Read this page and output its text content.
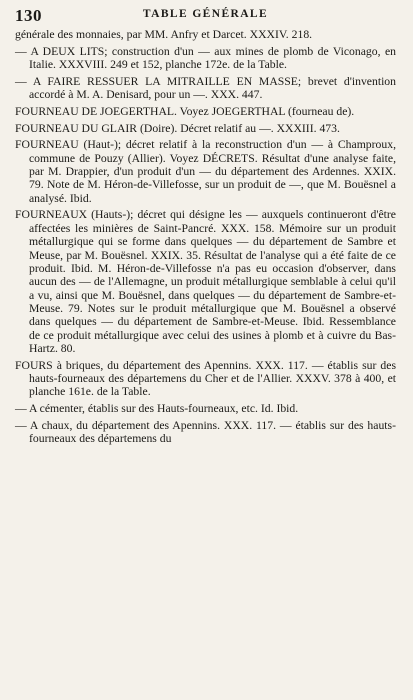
130	TABLE GÉNÉRALE

générale des monnaies, par MM. Anfry et Darcet. XXXIV. 218.

— A DEUX LITS; construction d'un — aux mines de plomb de Viconago, en Italie. XXXVIII. 249 et 152, planche 172e. de la Table.

— A FAIRE RESSUER LA MITRAILLE EN MASSE; brevet d'invention accordé à M. A. Denisard, pour un —. XXX. 447.

FOURNEAU DE JOEGERTHAL. Voyez JOEGERTHAL (fourneau de).

FOURNEAU DU GLAIR (Doire). Décret relatif au —. XXXIII. 473.

FOURNEAU (Haut-); décret relatif à la reconstruction d'un — à Champroux, commune de Pouzy (Allier). Voyez DÉCRETS. Résultat d'une analyse faite, par M. Drappier, d'un produit d'un — du département des Ardennes. XXIX. 79. Note de M. Héron-de-Villefosse, sur un produit de —, que M. Bouësnel a analysé. Ibid.

FOURNEAUX (Hauts-); décret qui désigne les — auxquels continueront d'être affectées les minières de Saint-Pancré. XXX. 158. Mémoire sur un produit métallurgique qui se forme dans quelques — du département de Sambre et Meuse, par M. Bouësnel. XXIX. 35. Résultat de l'analyse qui a été faite de ce produit. Ibid. M. Héron-de-Villefosse n'a pas eu occasion d'observer, dans aucun des — de l'Allemagne, un produit métallurgique semblable à celui qu'il a vu, ainsi que M. Bouësnel, dans quelques — du département de Sambre-et-Meuse. 79. Notes sur le produit métallurgique que M. Bouësnel a observé dans quelques — du département de Sambre-et-Meuse. Ibid. Ressemblance de ce produit métallurgique avec celui des usines à plomb et à cuivre du Bas-Hartz. 80.

FOURS à briques, du département des Apennins. XXX. 117. — établis sur des hauts-fourneaux des départemens du Cher et de l'Allier. XXXV. 378 à 400, et planche 161e. de la Table.

— A cémenter, établis sur des Hauts-fourneaux, etc. Id. Ibid.

— A chaux, du département des Apennins. XXX. 117. — établis sur des hauts-fourneaux des départemens du
